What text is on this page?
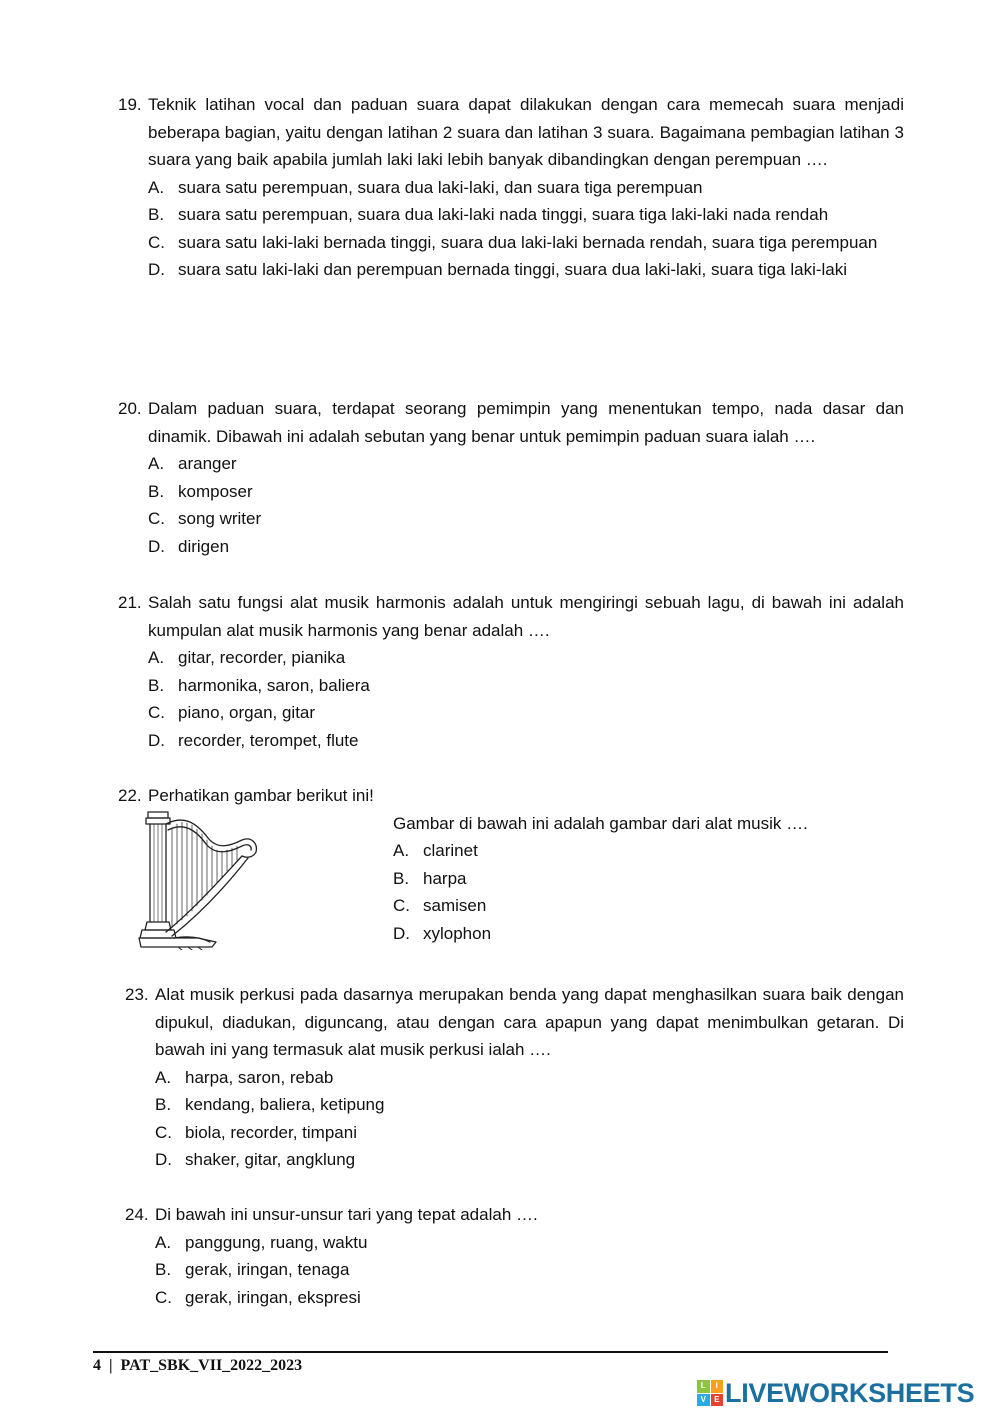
19. Teknik latihan vocal dan paduan suara dapat dilakukan dengan cara memecah suara menjadi beberapa bagian, yaitu dengan latihan 2 suara dan latihan 3 suara. Bagaimana pembagian latihan 3 suara yang baik apabila jumlah laki laki lebih banyak dibandingkan dengan perempuan ….
A. suara satu perempuan, suara dua laki-laki, dan suara tiga perempuan
B. suara satu perempuan, suara dua laki-laki nada tinggi, suara tiga laki-laki nada rendah
C. suara satu laki-laki bernada tinggi, suara dua laki-laki bernada rendah, suara tiga perempuan
D. suara satu laki-laki dan perempuan bernada tinggi, suara dua laki-laki, suara tiga laki-laki
20. Dalam paduan suara, terdapat seorang pemimpin yang menentukan tempo, nada dasar dan dinamik. Dibawah ini adalah sebutan yang benar untuk pemimpin paduan suara ialah ….
A. aranger
B. komposer
C. song writer
D. dirigen
21. Salah satu fungsi alat musik harmonis adalah untuk mengiringi sebuah lagu, di bawah ini adalah kumpulan alat musik harmonis yang benar adalah ….
A. gitar, recorder, pianika
B. harmonika, saron, baliera
C. piano, organ, gitar
D. recorder, terompet, flute
22. Perhatikan gambar berikut ini!
Gambar di bawah ini adalah gambar dari alat musik ….
A. clarinet
B. harpa
C. samisen
D. xylophon
23. Alat musik perkusi pada dasarnya merupakan benda yang dapat menghasilkan suara baik dengan dipukul, diadukan, diguncang, atau dengan cara apapun yang dapat menimbulkan getaran. Di bawah ini yang termasuk alat musik perkusi ialah ….
A. harpa, saron, rebab
B. kendang, baliera, ketipung
C. biola, recorder, timpani
D. shaker, gitar, angklung
24. Di bawah ini unsur-unsur tari yang tepat adalah ….
A. panggung, ruang, waktu
B. gerak, iringan, tenaga
C. gerak, iringan, ekspresi
4  |  PAT_SBK_VII_2022_2023
L	I
V	E LIVEWORKSHEETS
